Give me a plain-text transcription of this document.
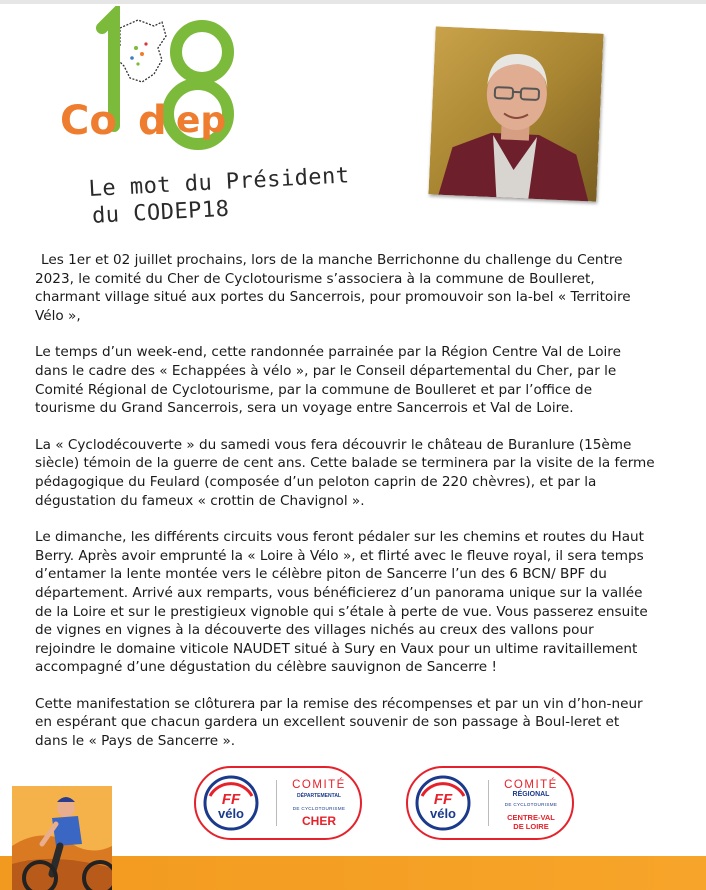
Co d ep
Le mot du Président
du CODEP18

Les 1er et 02 juillet prochains, lors de la manche Berrichonne du challenge du Centre 2023, le comité du Cher de Cyclotourisme s’associera à la commune de Boulleret, charmant village situé aux portes du Sancerrois, pour promouvoir son la-bel « Territoire Vélo »,

Le temps d’un week-end, cette randonnée parrainée par la Région Centre Val de Loire dans le cadre des « Echappées à vélo », par le Conseil départemental du Cher, par le Comité Régional de Cyclotourisme, par la commune de Boulleret et par l’office de tourisme du Grand Sancerrois, sera un voyage entre Sancerrois et Val de Loire.

La « Cyclodécouverte » du samedi vous fera découvrir le château de Buranlure (15ème siècle) témoin de la guerre de cent ans. Cette balade se terminera par la visite de la ferme pédagogique du Feulard (composée d’un peloton caprin de 220 chèvres), et par la dégustation du fameux « crottin de Chavignol ».

Le dimanche, les différents circuits vous feront pédaler sur les chemins et routes du Haut Berry. Après avoir emprunté la « Loire à Vélo », et flirté avec le fleuve royal, il sera temps d’entamer la lente montée vers le célèbre piton de Sancerre l’un des 6 BCN/ BPF du département. Arrivé aux remparts, vous bénéficierez d’un panorama unique sur la vallée de la Loire et sur le prestigieux vignoble qui s’étale à perte de vue. Vous passerez ensuite de vignes en vignes à la découverte des villages nichés au creux des vallons pour rejoindre le domaine viticole NAUDET situé à Sury en Vaux pour un ultime ravitaillement accompagné d’une dégustation du célèbre sauvignon de Sancerre !

Cette manifestation se clôturera par la remise des récompenses et par un vin d’hon-neur en espérant que chacun gardera un excellent souvenir de son passage à Boul-leret et dans le « Pays de Sancerre ».

FF
vélo
COMITÉ
DÉPARTEMENTAL
DE CYCLOTOURISME
CHER
FF
vélo
COMITÉ
RÉGIONAL
DE CYCLOTOURISME
CENTRE-VAL DE LOIRE
